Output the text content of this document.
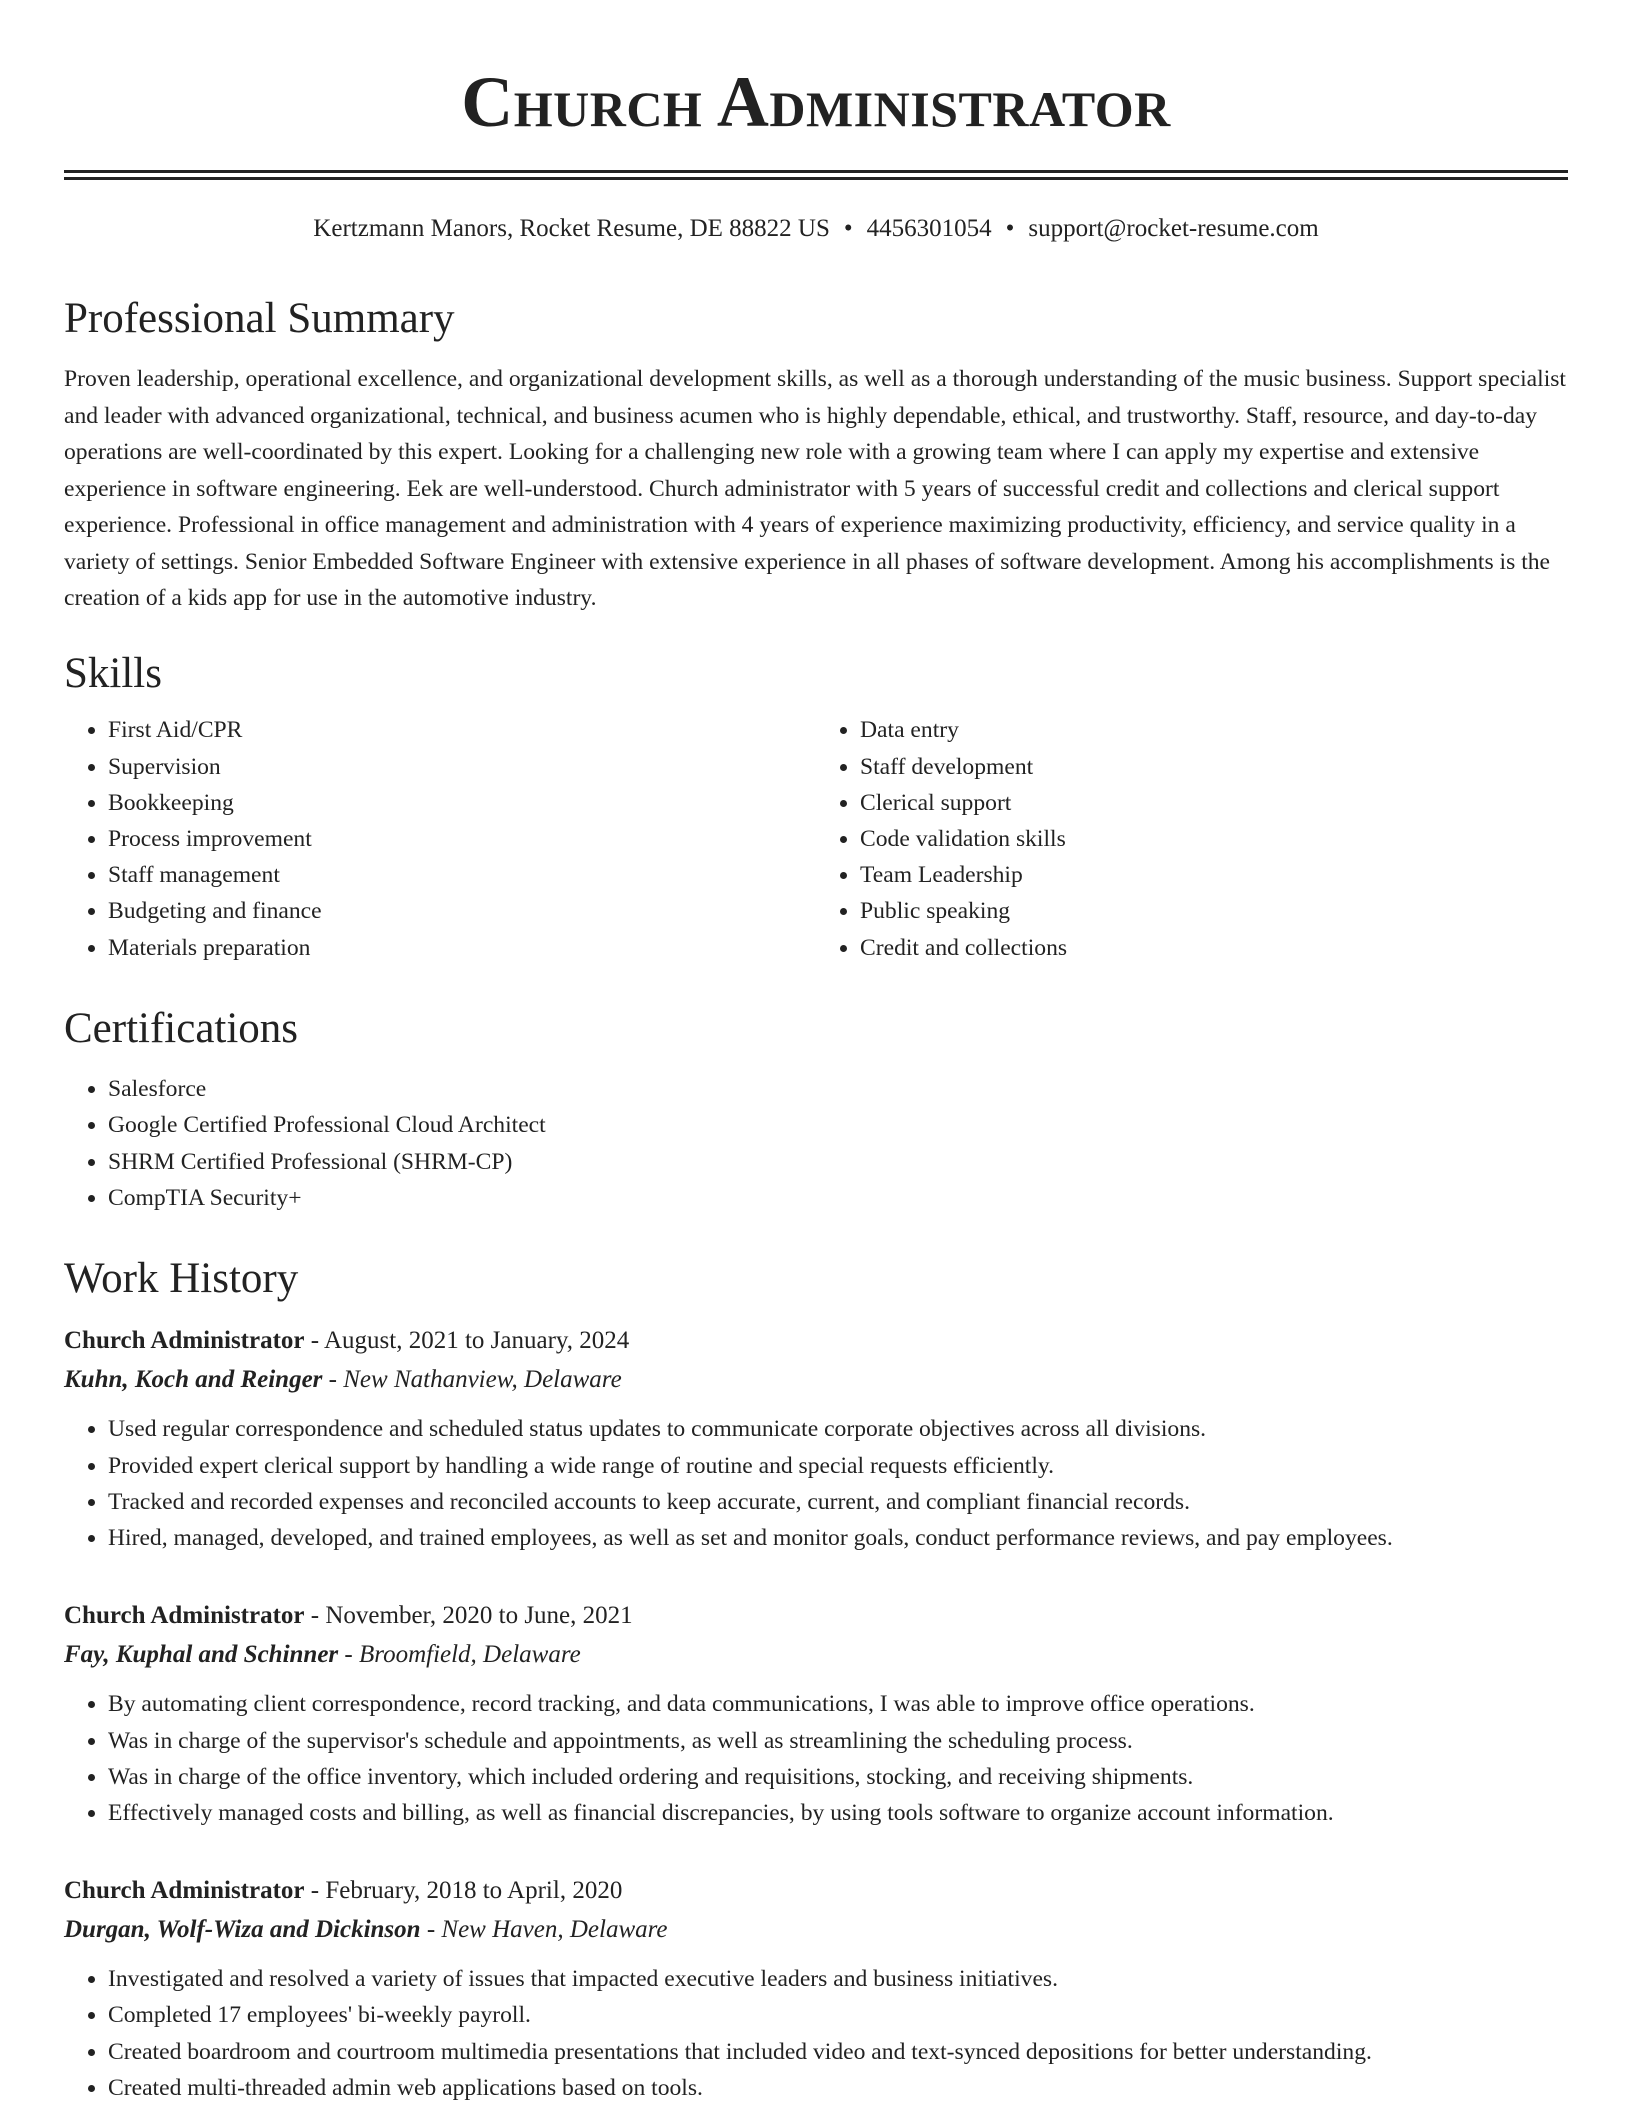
Church Administrator
Kertzmann Manors, Rocket Resume, DE 88822 US • 4456301054 • support@rocket-resume.com
Professional Summary

Proven leadership, operational excellence, and organizational development skills, as well as a thorough understanding of the music business. Support specialist and leader with advanced organizational, technical, and business acumen who is highly dependable, ethical, and trustworthy. Staff, resource, and day-to-day operations are well-coordinated by this expert. Looking for a challenging new role with a growing team where I can apply my expertise and extensive experience in software engineering. Eek are well-understood. Church administrator with 5 years of successful credit and collections and clerical support experience. Professional in office management and administration with 4 years of experience maximizing productivity, efficiency, and service quality in a variety of settings. Senior Embedded Software Engineer with extensive experience in all phases of software development. Among his accomplishments is the creation of a kids app for use in the automotive industry.

Skills
• First Aid/CPR
• Supervision
• Bookkeeping
• Process improvement
• Staff management
• Budgeting and finance
• Materials preparation
• Data entry
• Staff development
• Clerical support
• Code validation skills
• Team Leadership
• Public speaking
• Credit and collections
Certifications
• Salesforce
• Google Certified Professional Cloud Architect
• SHRM Certified Professional (SHRM-CP)
• CompTIA Security+
Work History
Church Administrator - August, 2021 to January, 2024
Kuhn, Koch and Reinger - New Nathanview, Delaware
• Used regular correspondence and scheduled status updates to communicate corporate objectives across all divisions.
• Provided expert clerical support by handling a wide range of routine and special requests efficiently.
• Tracked and recorded expenses and reconciled accounts to keep accurate, current, and compliant financial records.
• Hired, managed, developed, and trained employees, as well as set and monitor goals, conduct performance reviews, and pay employees.
Church Administrator - November, 2020 to June, 2021
Fay, Kuphal and Schinner - Broomfield, Delaware
• By automating client correspondence, record tracking, and data communications, I was able to improve office operations.
• Was in charge of the supervisor's schedule and appointments, as well as streamlining the scheduling process.
• Was in charge of the office inventory, which included ordering and requisitions, stocking, and receiving shipments.
• Effectively managed costs and billing, as well as financial discrepancies, by using tools software to organize account information.
Church Administrator - February, 2018 to April, 2020
Durgan, Wolf-Wiza and Dickinson - New Haven, Delaware
• Investigated and resolved a variety of issues that impacted executive leaders and business initiatives.
• Completed 17 employees' bi-weekly payroll.
• Created boardroom and courtroom multimedia presentations that included video and text-synced depositions for better understanding.
• Created multi-threaded admin web applications based on tools.
